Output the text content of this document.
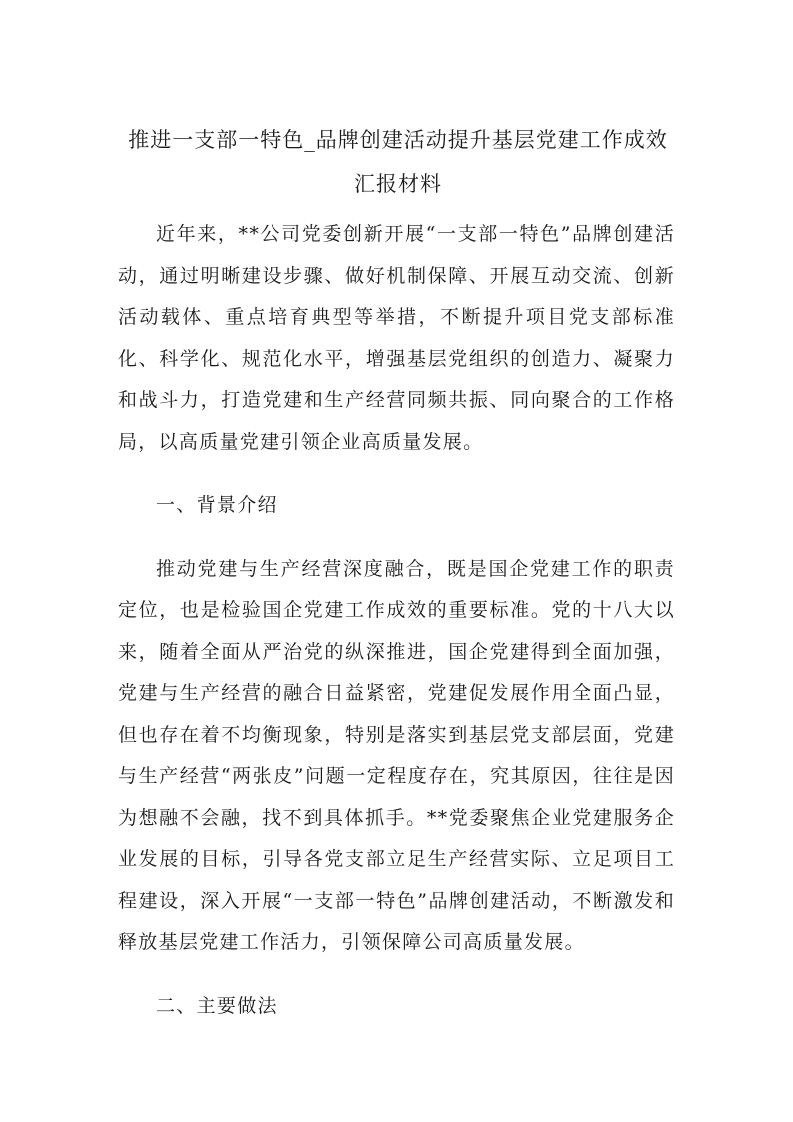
推进一支部一特色_品牌创建活动提升基层党建工作成效汇报材料

近年来，**公司党委创新开展“一支部一特色”品牌创建活动，通过明晰建设步骤、做好机制保障、开展互动交流、创新活动载体、重点培育典型等举措，不断提升项目党支部标准化、科学化、规范化水平，增强基层党组织的创造力、凝聚力和战斗力，打造党建和生产经营同频共振、同向聚合的工作格局，以高质量党建引领企业高质量发展。

一、背景介绍

推动党建与生产经营深度融合，既是国企党建工作的职责定位，也是检验国企党建工作成效的重要标准。党的十八大以来，随着全面从严治党的纵深推进，国企党建得到全面加强，党建与生产经营的融合日益紧密，党建促发展作用全面凸显，但也存在着不均衡现象，特别是落实到基层党支部层面，党建与生产经营“两张皮”问题一定程度存在，究其原因，往往是因为想融不会融，找不到具体抓手。**党委聚焦企业党建服务企业发展的目标，引导各党支部立足生产经营实际、立足项目工程建设，深入开展“一支部一特色”品牌创建活动，不断激发和释放基层党建工作活力，引领保障公司高质量发展。

二、主要做法
